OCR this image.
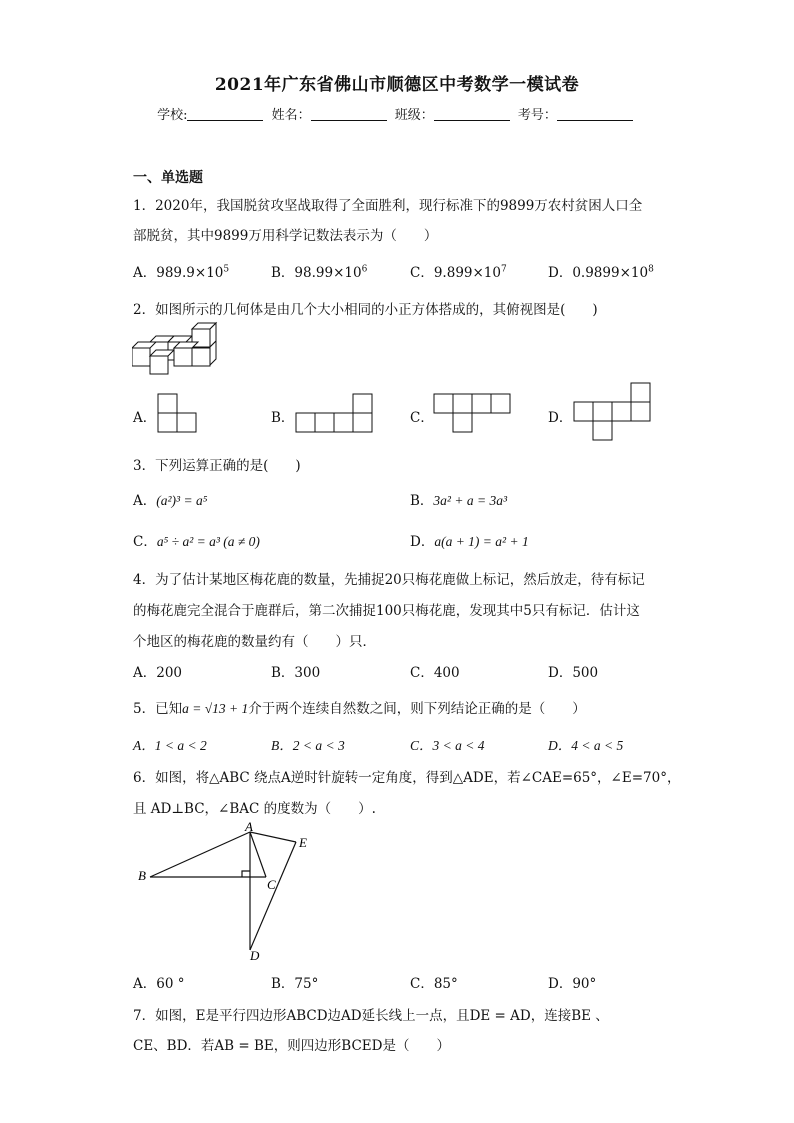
2021年广东省佛山市顺德区中考数学一模试卷
学校:	姓名：	班级：	考号：
一、单选题
1．2020年，我国脱贫攻坚战取得了全面胜利，现行标准下的9899万农村贫困人口全
部脱贫，其中9899万用科学记数法表示为（　　）
A．$989.9\times 10^5$	B．$98.99\times 10^6$	C．$9.899\times 10^7$	D．$0.9899\times 10^8$
2．如图所示的几何体是由几个大小相同的小正方体搭成的，其俯视图是(　　)
A．	B．	C．	D．
3．下列运算正确的是(　　)
A．(a²)³ = a⁵	B．3a² + a = 3a³
C．a⁵ ÷ a² = a³ (a ≠ 0)	D．a(a + 1) = a² + 1
4．为了估计某地区梅花鹿的数量，先捕捉20只梅花鹿做上标记，然后放走，待有标记
的梅花鹿完全混合于鹿群后，第二次捕捉100只梅花鹿，发现其中5只有标记．估计这
个地区的梅花鹿的数量约有（　　）只．
A．200	B．300	C．400	D．500
5．已知a = √13 + 1介于两个连续自然数之间，则下列结论正确的是（　　）
A．1 < a < 2	B．2 < a < 3	C．3 < a < 4	D．4 < a < 5
6．如图，将△ABC 绕点A逆时针旋转一定角度，得到△ADE，若∠CAE=65°，∠E=70°，
且 AD⊥BC，∠BAC 的度数为（　　）.
A
B
C
D
E
A．60 °	B．75°	C．85°	D．90°
7．如图，E是平行四边形ABCD边AD延长线上一点，且DE = AD，连接BE 、
CE、BD．若AB = BE，则四边形BCED是（　　）
